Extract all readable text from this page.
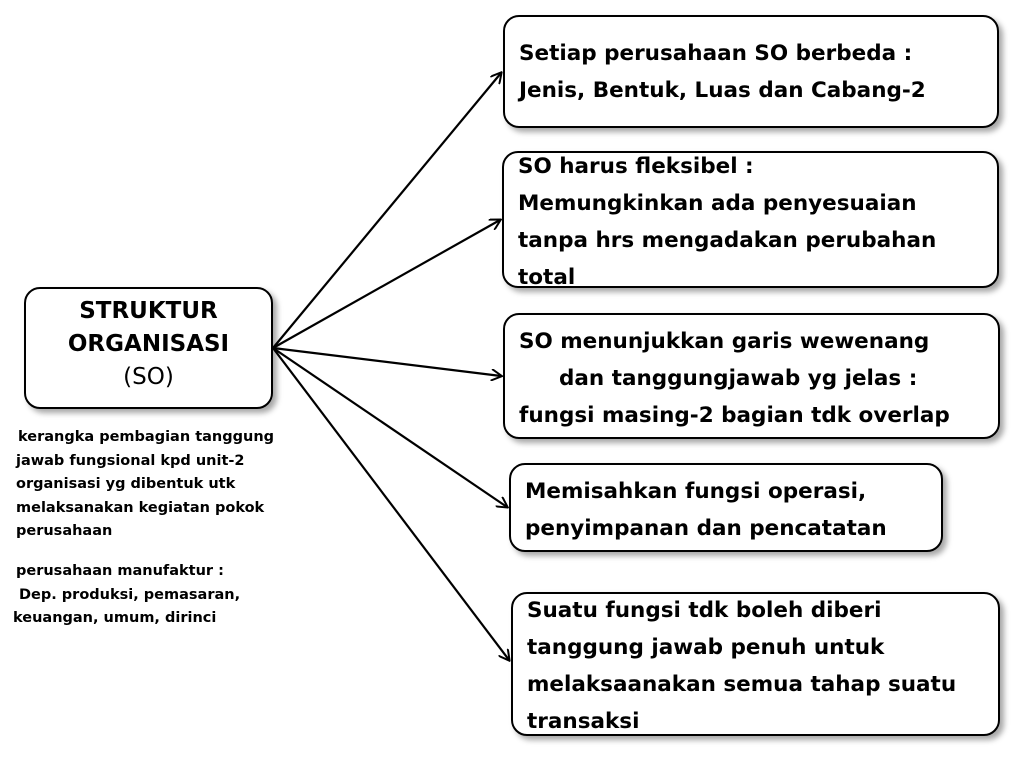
STRUKTUR
ORGANISASI
(SO)
Setiap perusahaan SO berbeda :
Jenis, Bentuk, Luas dan Cabang-2
SO harus fleksibel :
Memungkinkan ada penyesuaian
tanpa hrs mengadakan perubahan
total
SO menunjukkan garis wewenang
dan tanggungjawab yg jelas :
fungsi masing-2 bagian tdk overlap
Memisahkan fungsi operasi,
penyimpanan dan pencatatan
Suatu fungsi tdk boleh diberi
tanggung jawab penuh untuk
melaksaanakan semua tahap suatu
transaksi
kerangka pembagian tanggung
jawab fungsional kpd unit-2
organisasi yg dibentuk utk
melaksanakan kegiatan pokok
perusahaan
perusahaan manufaktur :
Dep. produksi, pemasaran,
keuangan, umum, dirinci
